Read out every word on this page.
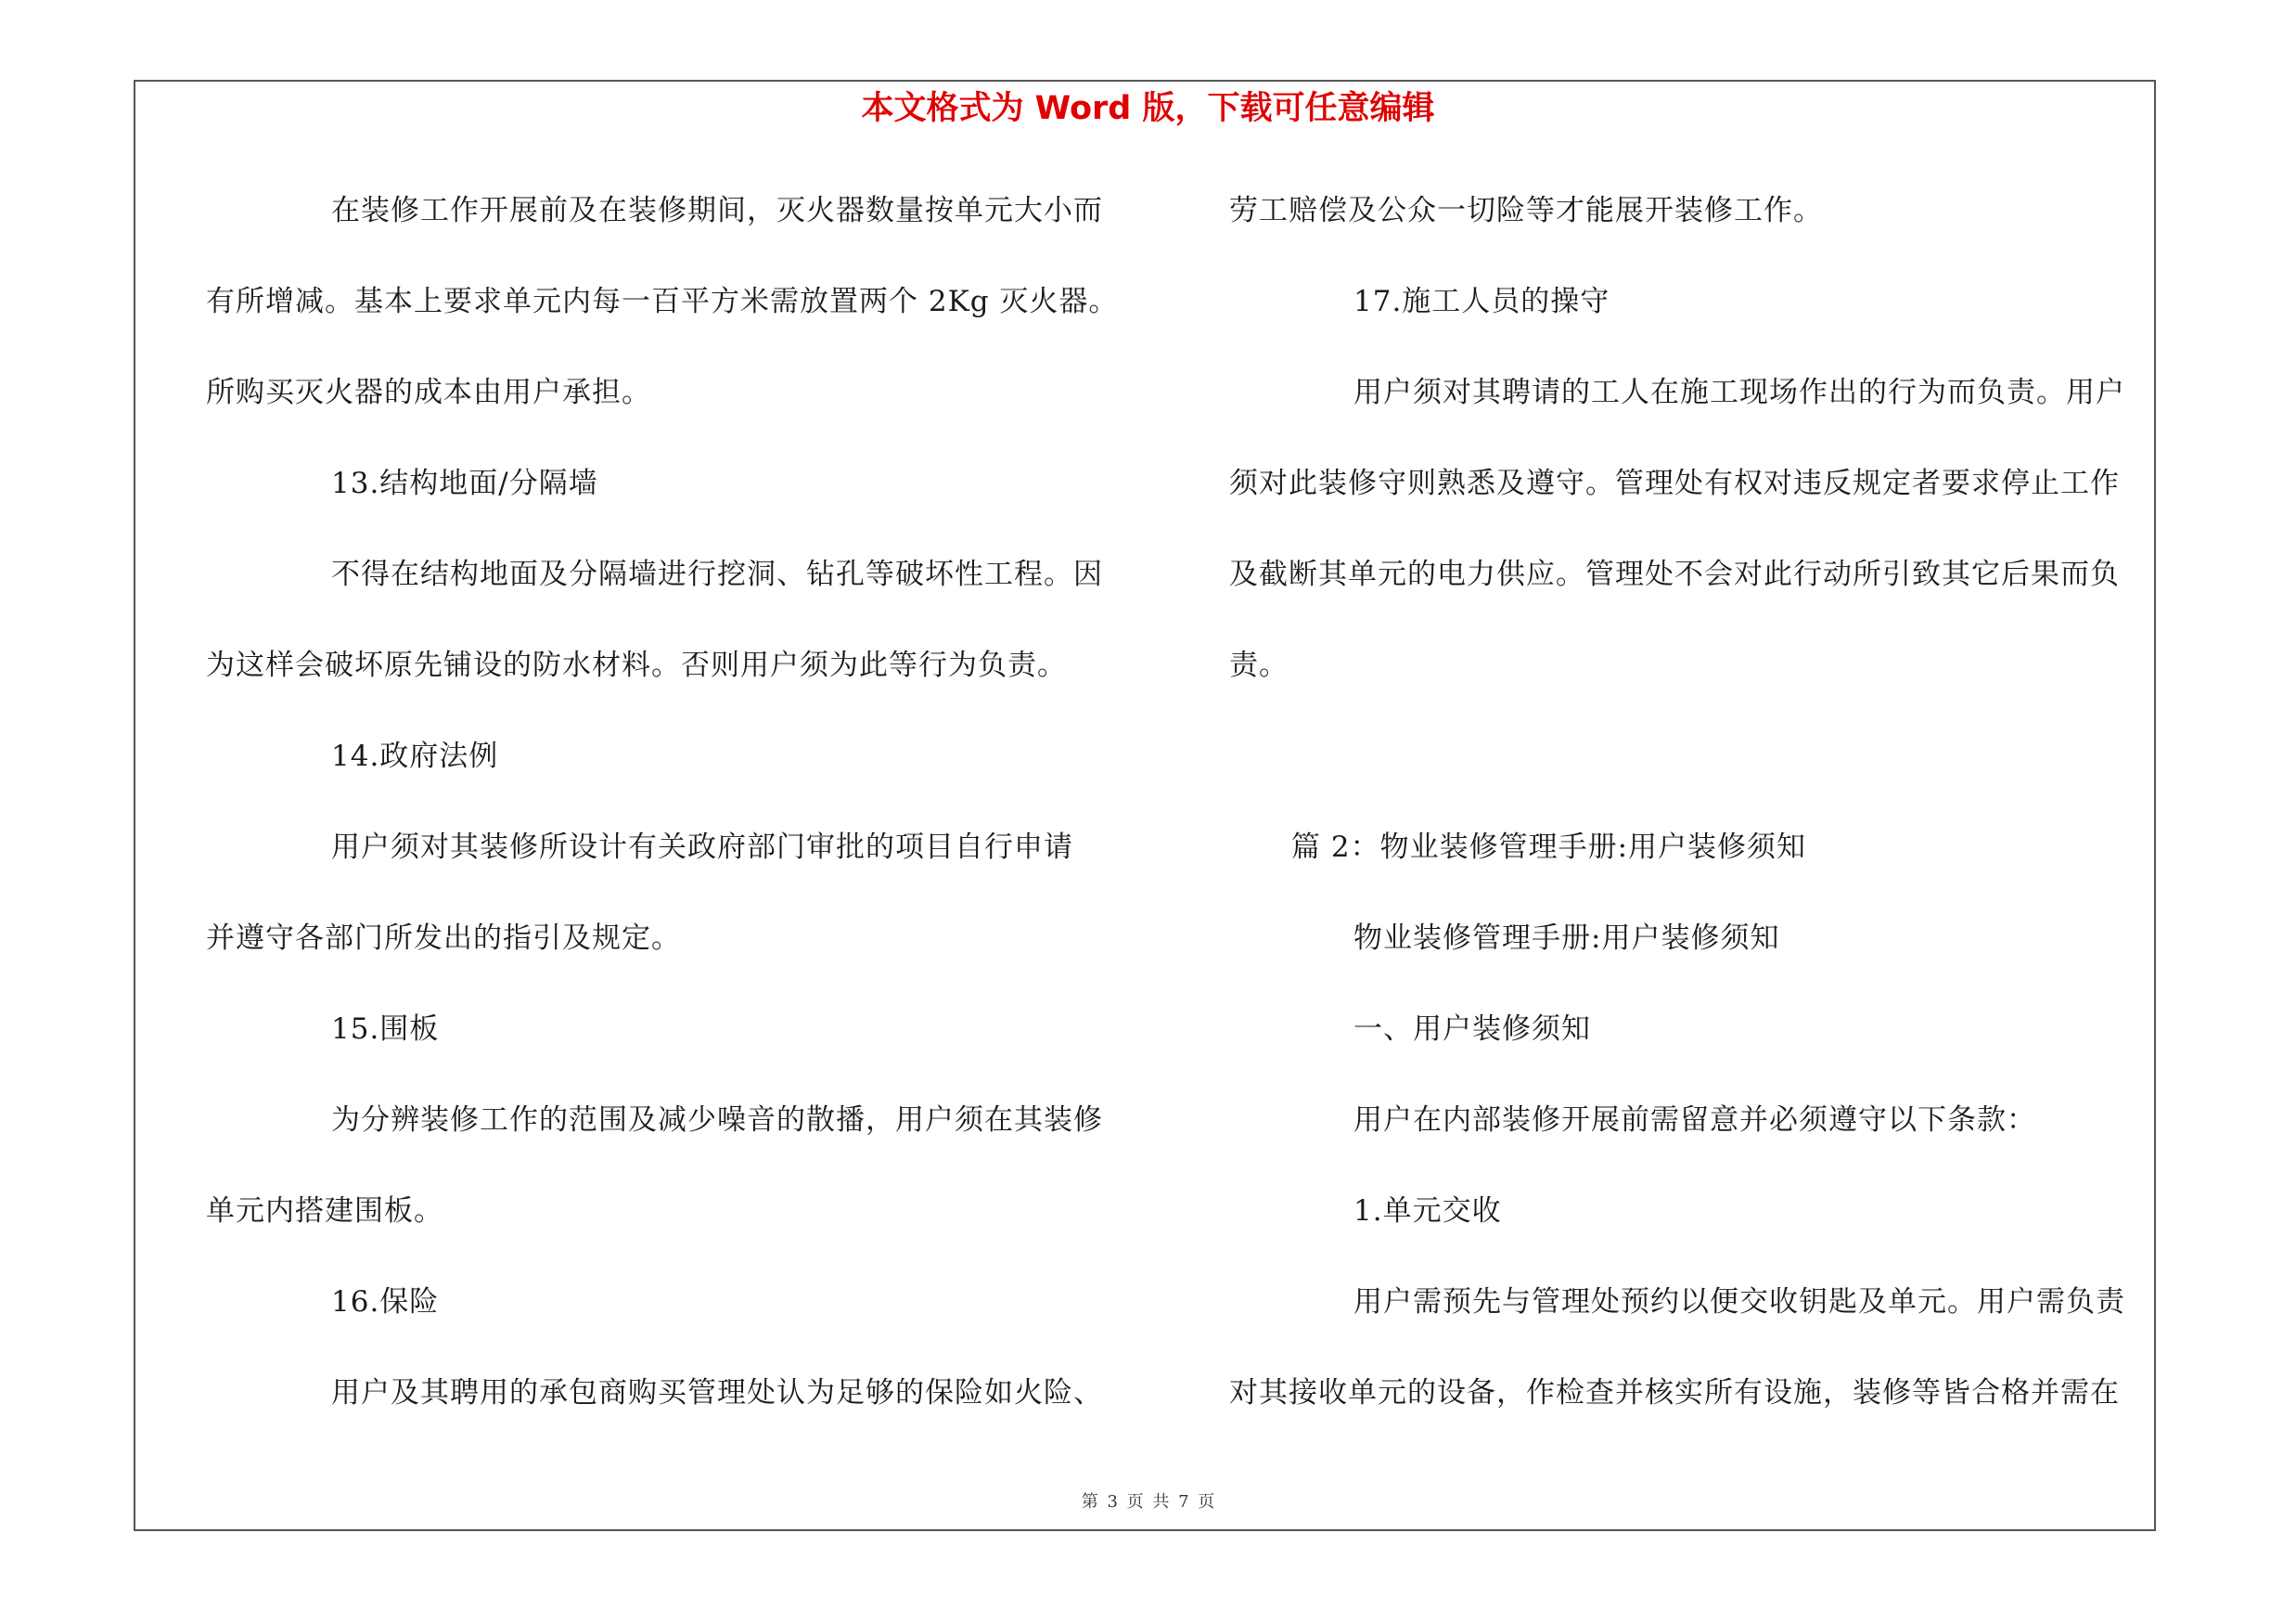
本文格式为 Word 版，下载可任意编辑
在装修工作开展前及在装修期间，灭火器数量按单元大小而
有所增减。基本上要求单元内每一百平方米需放置两个 2Kg 灭火器。
所购买灭火器的成本由用户承担。
13.结构地面/分隔墙
不得在结构地面及分隔墙进行挖洞、钻孔等破坏性工程。因
为这样会破坏原先铺设的防水材料。否则用户须为此等行为负责。
14.政府法例
用户须对其装修所设计有关政府部门审批的项目自行申请
并遵守各部门所发出的指引及规定。
15.围板
为分辨装修工作的范围及减少噪音的散播，用户须在其装修
单元内搭建围板。
16.保险
用户及其聘用的承包商购买管理处认为足够的保险如火险、
劳工赔偿及公众一切险等才能展开装修工作。
17.施工人员的操守
用户须对其聘请的工人在施工现场作出的行为而负责。用户
须对此装修守则熟悉及遵守。管理处有权对违反规定者要求停止工作
及截断其单元的电力供应。管理处不会对此行动所引致其它后果而负
责。
篇 2：物业装修管理手册:用户装修须知
物业装修管理手册:用户装修须知
一、用户装修须知
用户在内部装修开展前需留意并必须遵守以下条款：
1.单元交收
用户需预先与管理处预约以便交收钥匙及单元。用户需负责
对其接收单元的设备，作检查并核实所有设施，装修等皆合格并需在
第 3 页 共 7 页
